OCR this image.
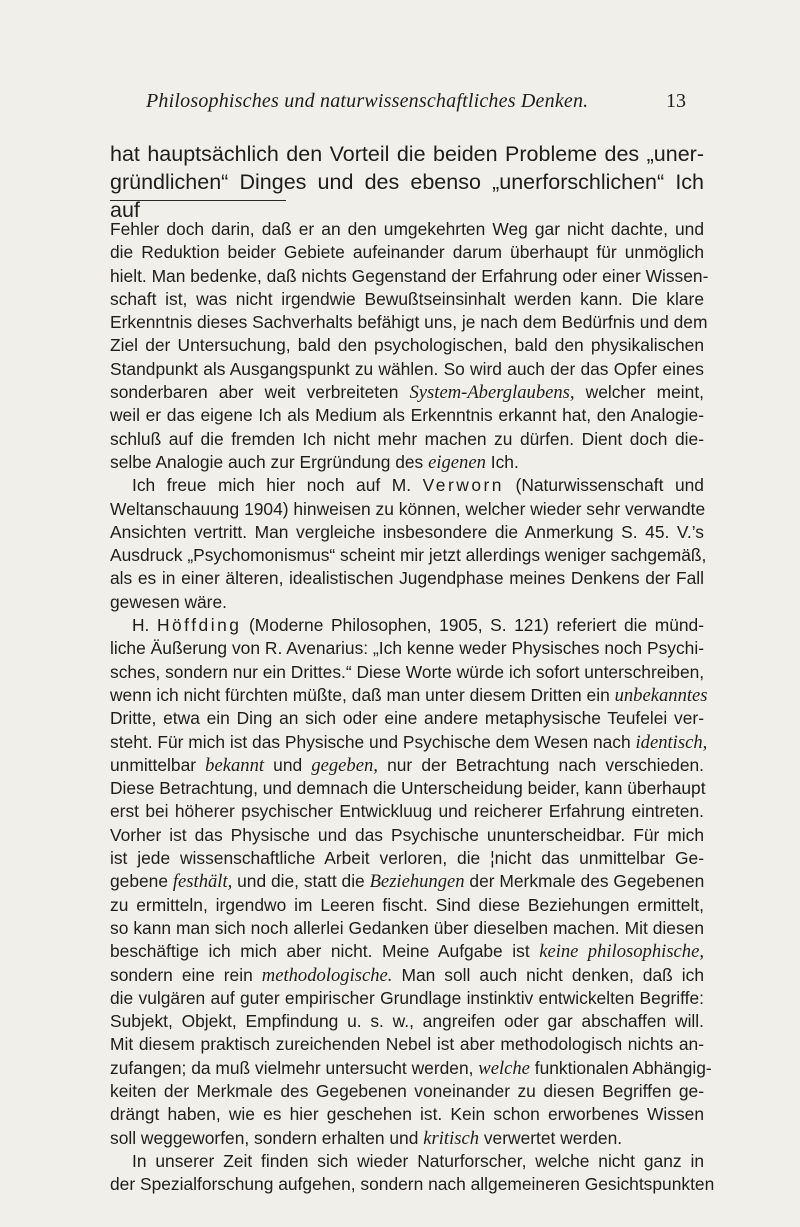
Philosophisches und naturwissenschaftliches Denken.	13
hat hauptsächlich den Vorteil die beiden Probleme des „uner-
gründlichen“ Dinges und des ebenso „unerforschlichen“ Ich auf
Fehler doch darin, daß er an den umgekehrten Weg gar nicht dachte, und
die Reduktion beider Gebiete aufeinander darum überhaupt für unmöglich
hielt. Man bedenke, daß nichts Gegenstand der Erfahrung oder einer Wissen-
schaft ist, was nicht irgendwie Bewußtseinsinhalt werden kann. Die klare
Erkenntnis dieses Sachverhalts befähigt uns, je nach dem Bedürfnis und dem
Ziel der Untersuchung, bald den psychologischen, bald den physikalischen
Standpunkt als Ausgangspunkt zu wählen. So wird auch der das Opfer eines
sonderbaren aber weit verbreiteten System-Aberglaubens, welcher meint,
weil er das eigene Ich als Medium als Erkenntnis erkannt hat, den Analogie-
schluß auf die fremden Ich nicht mehr machen zu dürfen. Dient doch die-
selbe Analogie auch zur Ergründung des eigenen Ich.
Ich freue mich hier noch auf M. Verworn (Naturwissenschaft und
Weltanschauung 1904) hinweisen zu können, welcher wieder sehr verwandte
Ansichten vertritt. Man vergleiche insbesondere die Anmerkung S. 45. V.’s
Ausdruck „Psychomonismus“ scheint mir jetzt allerdings weniger sachgemäß,
als es in einer älteren, idealistischen Jugendphase meines Denkens der Fall
gewesen wäre.
H. Höffding (Moderne Philosophen, 1905, S. 121) referiert die münd-
liche Äußerung von R. Avenarius: „Ich kenne weder Physisches noch Psychi-
sches, sondern nur ein Drittes.“ Diese Worte würde ich sofort unterschreiben,
wenn ich nicht fürchten müßte, daß man unter diesem Dritten ein unbekanntes
Dritte, etwa ein Ding an sich oder eine andere metaphysische Teufelei ver-
steht. Für mich ist das Physische und Psychische dem Wesen nach identisch,
unmittelbar bekannt und gegeben, nur der Betrachtung nach verschieden.
Diese Betrachtung, und demnach die Unterscheidung beider, kann überhaupt
erst bei höherer psychischer Entwickluug und reicherer Erfahrung eintreten.
Vorher ist das Physische und das Psychische ununterscheidbar. Für mich
ist jede wissenschaftliche Arbeit verloren, die ¦nicht das unmittelbar Ge-
gebene festhält, und die, statt die Beziehungen der Merkmale des Gegebenen
zu ermitteln, irgendwo im Leeren fischt. Sind diese Beziehungen ermittelt,
so kann man sich noch allerlei Gedanken über dieselben machen. Mit diesen
beschäftige ich mich aber nicht. Meine Aufgabe ist keine philosophische,
sondern eine rein methodologische. Man soll auch nicht denken, daß ich
die vulgären auf guter empirischer Grundlage instinktiv entwickelten Begriffe:
Subjekt, Objekt, Empfindung u. s. w., angreifen oder gar abschaffen will.
Mit diesem praktisch zureichenden Nebel ist aber methodologisch nichts an-
zufangen; da muß vielmehr untersucht werden, welche funktionalen Abhängig-
keiten der Merkmale des Gegebenen voneinander zu diesen Begriffen ge-
drängt haben, wie es hier geschehen ist. Kein schon erworbenes Wissen
soll weggeworfen, sondern erhalten und kritisch verwertet werden.
In unserer Zeit finden sich wieder Naturforscher, welche nicht ganz in
der Spezialforschung aufgehen, sondern nach allgemeineren Gesichtspunkten
